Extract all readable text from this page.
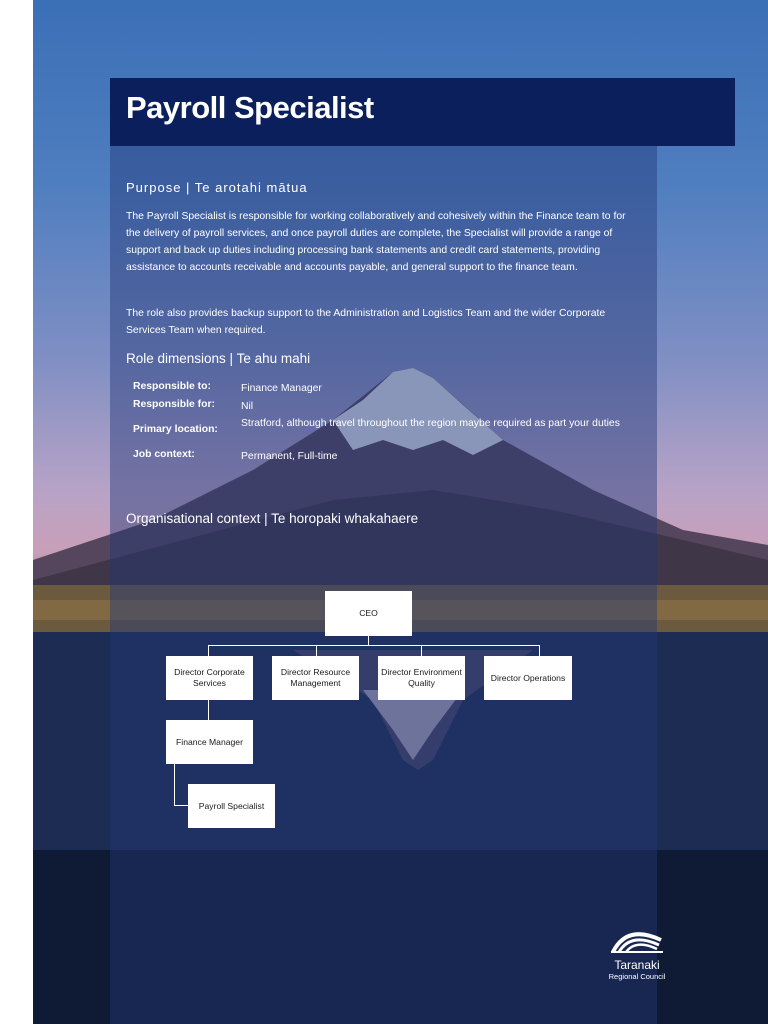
Payroll Specialist
Purpose | Te arotahi mātua
The Payroll Specialist is responsible for working collaboratively and cohesively within the Finance team to for the delivery of payroll services, and once payroll duties are complete, the Specialist will provide a range of support and back up duties including processing bank statements and credit card statements, providing assistance to accounts receivable and accounts payable, and general support to the finance team.
The role also provides backup support to the Administration and Logistics Team and the wider Corporate Services Team when required.
Role dimensions | Te ahu mahi
Responsible to:	Finance Manager
Responsible for:	Nil
Primary location:
Stratford, although travel throughout the region maybe required as part your duties
Job context:	Permanent, Full-time
Organisational context | Te horopaki whakahaere
CEO
Director Corporate Services
Director Resource Management
Director Environment Quality
Director Operations
Finance Manager
Payroll Specialist
Taranaki
Regional Council
